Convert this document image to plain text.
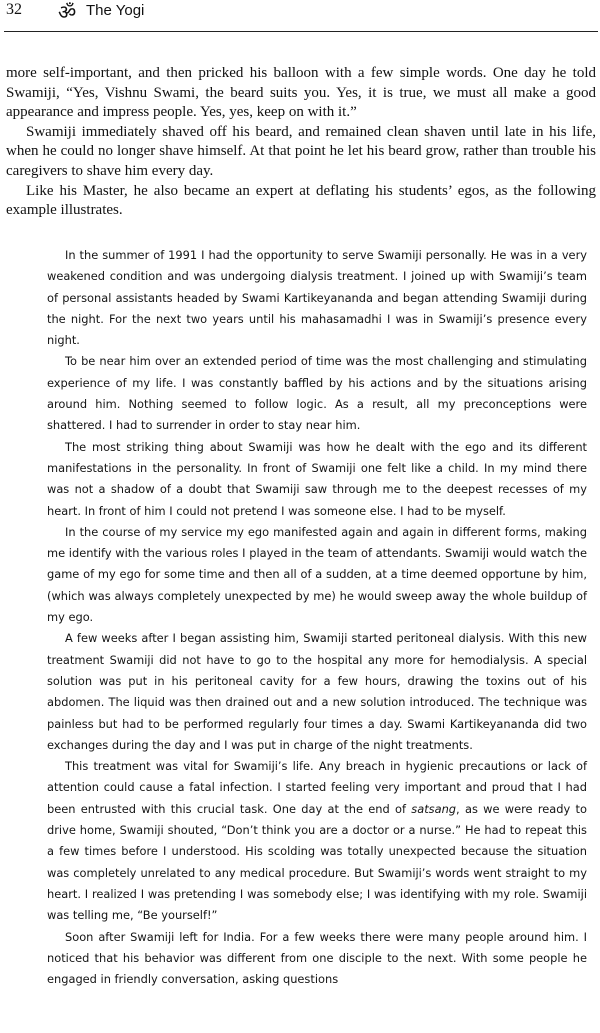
32 ॐ The Yogi

more self-important, and then pricked his balloon with a few simple words. One day he told Swamiji, “Yes, Vishnu Swami, the beard suits you. Yes, it is true, we must all make a good appearance and impress people. Yes, yes, keep on with it.”

Swamiji immediately shaved off his beard, and remained clean shaven until late in his life, when he could no longer shave himself. At that point he let his beard grow, rather than trouble his caregivers to shave him every day.

Like his Master, he also became an expert at deflating his students’ egos, as the following example illustrates.

In the summer of 1991 I had the opportunity to serve Swamiji personally. He was in a very weakened condition and was undergoing dialysis treatment. I joined up with Swamiji’s team of personal assistants headed by Swami Kartikeyananda and began attending Swamiji during the night. For the next two years until his mahasamadhi I was in Swamiji’s presence every night.

To be near him over an extended period of time was the most challenging and stimulating experience of my life. I was constantly baffled by his actions and by the situations arising around him. Nothing seemed to follow logic. As a result, all my preconceptions were shattered. I had to surrender in order to stay near him.

The most striking thing about Swamiji was how he dealt with the ego and its different manifestations in the personality. In front of Swamiji one felt like a child. In my mind there was not a shadow of a doubt that Swamiji saw through me to the deepest recesses of my heart. In front of him I could not pretend I was someone else. I had to be myself.

In the course of my service my ego manifested again and again in different forms, making me identify with the various roles I played in the team of attendants. Swamiji would watch the game of my ego for some time and then all of a sudden, at a time deemed opportune by him, (which was always completely unexpected by me) he would sweep away the whole buildup of my ego.

A few weeks after I began assisting him, Swamiji started peritoneal dialysis. With this new treatment Swamiji did not have to go to the hospital any more for hemodialysis. A special solution was put in his peritoneal cavity for a few hours, drawing the toxins out of his abdomen. The liquid was then drained out and a new solution introduced. The technique was painless but had to be performed regularly four times a day. Swami Kartikeyananda did two exchanges during the day and I was put in charge of the night treatments.

This treatment was vital for Swamiji’s life. Any breach in hygienic precautions or lack of attention could cause a fatal infection. I started feeling very important and proud that I had been entrusted with this crucial task. One day at the end of satsang, as we were ready to drive home, Swamiji shouted, “Don’t think you are a doctor or a nurse.” He had to repeat this a few times before I understood. His scolding was totally unexpected because the situation was completely unrelated to any medical procedure. But Swamiji’s words went straight to my heart. I realized I was pretending I was somebody else; I was identifying with my role. Swamiji was telling me, “Be yourself!”

Soon after Swamiji left for India. For a few weeks there were many people around him. I noticed that his behavior was different from one disciple to the next. With some people he engaged in friendly conversation, asking questions
